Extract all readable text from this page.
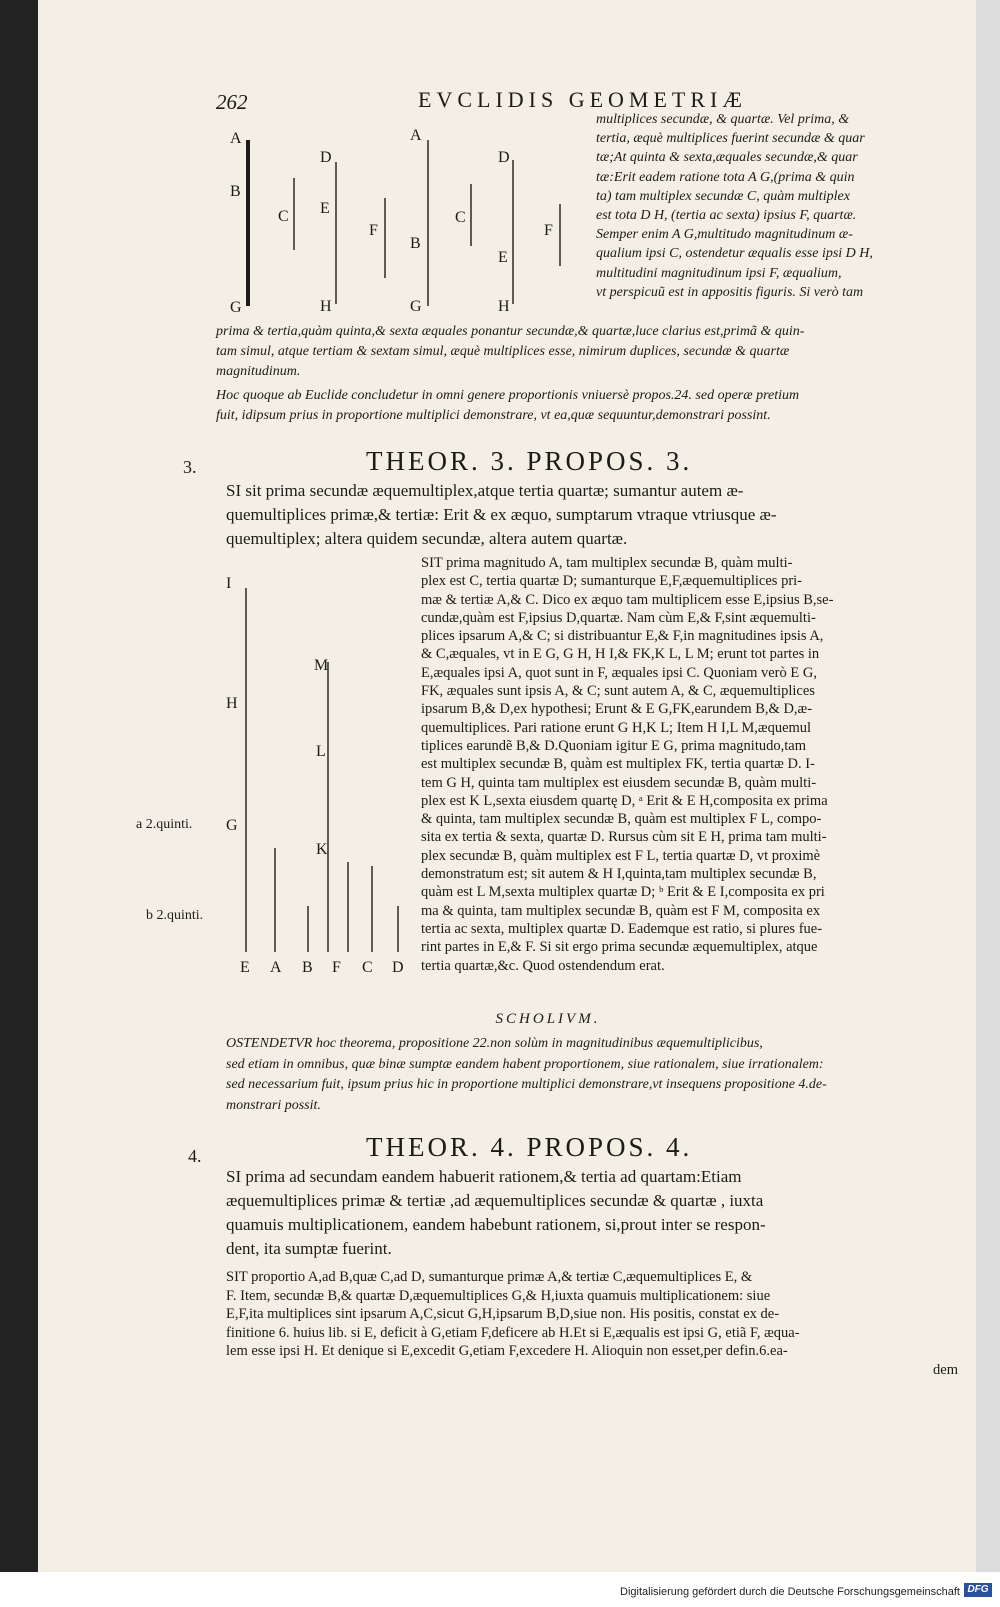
262	EVCLIDIS GEOMETRIÆ
A
B
G
C
D
E
H
F
A
B
G
C
D
E
H
F

multiplices secundæ, & quartæ. Vel prima, &

tertia, æquè multiplices fuerint secundæ & quar

tæ;At quinta & sexta,æquales secundæ,& quar

tæ:Erit eadem ratione tota A G,(prima & quin

ta) tam multiplex secundæ C, quàm multiplex

est tota D H, (tertia ac sexta) ipsius F, quartæ.

Semper enim A G,multitudo magnitudinum æ-

qualium ipsi C, ostendetur æqualis esse ipsi D H,

multitudini magnitudinum ipsi F, æqualium,

vt perspicuũ est in appositis figuris. Si verò tam

prima & tertia,quàm quinta,& sexta æquales ponantur secundæ,& quartæ,luce clarius est,primã & quin-

tam simul, atque tertiam & sextam simul, æquè multiplices esse, nimirum duplices, secundæ & quartæ

magnitudinum.

Hoc quoque ab Euclide concludetur in omni genere proportionis vniuersè propos.24. sed operæ pretium

fuit, idipsum prius in proportione multiplici demonstrare, vt ea,quæ sequuntur,demonstrari possint.

3.	THEOR. 3. PROPOS. 3.

SI sit prima secundæ æquemultiplex,atque tertia quartæ; sumantur autem æ-

quemultiplices primæ,& tertiæ: Erit & ex æquo, sumptarum vtraque vtriusque æ-

quemultiplex; altera quidem secundæ, altera autem quartæ.

I
M
H
L
G
K
E A B F C D
a 2.quinti.
b 2.quinti.

SIT prima magnitudo A, tam multiplex secundæ B, quàm multi-

plex est C, tertia quartæ D; sumanturque E,F,æquemultiplices pri-

mæ & tertiæ A,& C. Dico ex æquo tam multiplicem esse E,ipsius B,se-

cundæ,quàm est F,ipsius D,quartæ. Nam cùm E,& F,sint æquemulti-

plices ipsarum A,& C; si distribuantur E,& F,in magnitudines ipsis A,

& C,æquales, vt in E G, G H, H I,& FK,K L, L M; erunt tot partes in

E,æquales ipsi A, quot sunt in F, æquales ipsi C. Quoniam verò E G,

FK, æquales sunt ipsis A, & C; sunt autem A, & C, æquemultiplices

ipsarum B,& D,ex hypothesi; Erunt & E G,FK,earundem B,& D,æ-

quemultiplices. Pari ratione erunt G H,K L; Item H I,L M,æquemul

tiplices earundẽ B,& D.Quoniam igitur E G, prima magnitudo,tam

est multiplex secundæ B, quàm est multiplex FK, tertia quartæ D. I-

tem G H, quinta tam multiplex est eiusdem secundæ B, quàm multi-

plex est K L,sexta eiusdem quartę D, ᵃ Erit & E H,composita ex prima

& quinta, tam multiplex secundæ B, quàm est multiplex F L, compo-

sita ex tertia & sexta, quartæ D. Rursus cùm sit E H, prima tam multi-

plex secundæ B, quàm multiplex est F L, tertia quartæ D, vt proximè

demonstratum est; sit autem & H I,quinta,tam multiplex secundæ B,

quàm est L M,sexta multiplex quartæ D; ᵇ Erit & E I,composita ex pri

ma & quinta, tam multiplex secundæ B, quàm est F M, composita ex

tertia ac sexta, multiplex quartæ D. Eademque est ratio, si plures fue-

rint partes in E,& F. Si sit ergo prima secundæ æquemultiplex, atque

tertia quartæ,&c. Quod ostendendum erat.

SCHOLIVM.

OSTENDETVR hoc theorema, propositione 22.non solùm in magnitudinibus æquemultiplicibus,

sed etiam in omnibus, quæ binæ sumptæ eandem habent proportionem, siue rationalem, siue irrationalem:

sed necessarium fuit, ipsum prius hic in proportione multiplici demonstrare,vt insequens propositione 4.de-

monstrari possit.

4.	THEOR. 4. PROPOS. 4.

SI prima ad secundam eandem habuerit rationem,& tertia ad quartam:Etiam

æquemultiplices primæ & tertiæ ,ad æquemultiplices secundæ & quartæ , iuxta

quamuis multiplicationem, eandem habebunt rationem, si,prout inter se respon-

dent, ita sumptæ fuerint.

SIT proportio A,ad B,quæ C,ad D, sumanturque primæ A,& tertiæ C,æquemultiplices E, &

F. Item, secundæ B,& quartæ D,æquemultiplices G,& H,iuxta quamuis multiplicationem: siue

E,F,ita multiplices sint ipsarum A,C,sicut G,H,ipsarum B,D,siue non. His positis, constat ex de-

finitione 6. huius lib. si E, deficit à G,etiam F,deficere ab H.Et si E,æqualis est ipsi G, etiã F, æqua-

lem esse ipsi H. Et denique si E,excedit G,etiam F,excedere H. Alioquin non esset,per defin.6.ea-

dem

Digitalisierung gefördert durch die Deutsche Forschungsgemeinschaft DFG
